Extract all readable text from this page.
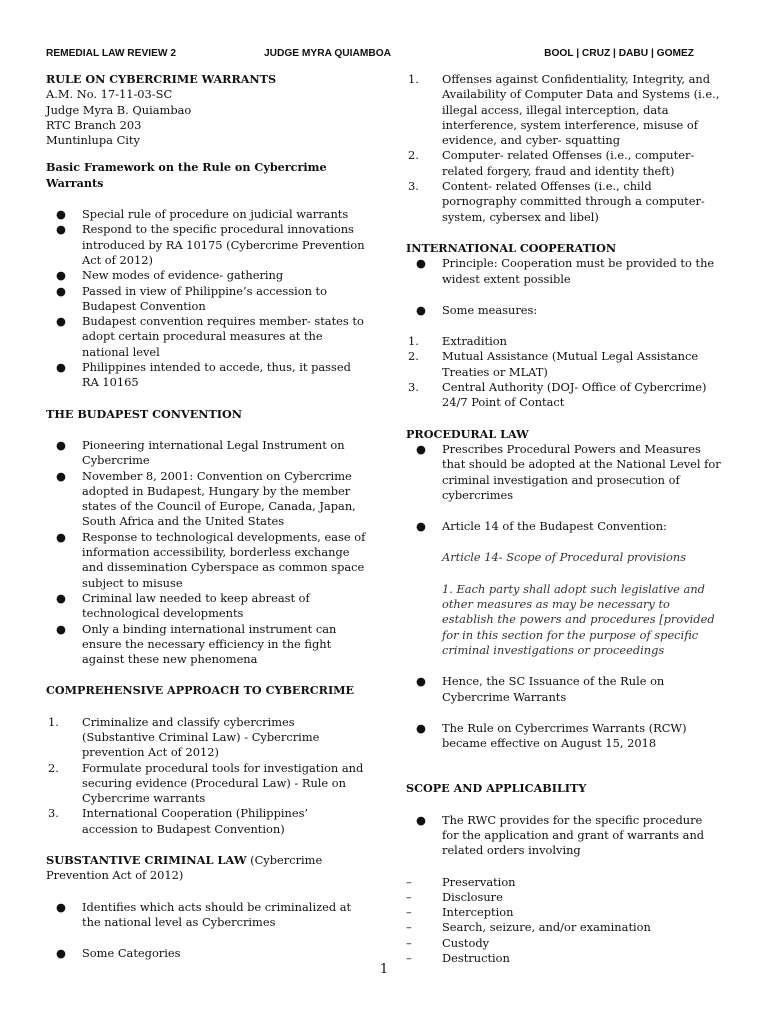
REMEDIAL LAW REVIEW 2	JUDGE MYRA QUIAMBOA	BOOL | CRUZ | DABU | GOMEZ

RULE ON CYBERCRIME WARRANTS

A.M. No. 17-11-03-SC

Judge Myra B. Quiambao

RTC Branch 203

Muntinlupa City

Basic Framework on the Rule on Cybercrime Warrants

● Special rule of procedure on judicial warrants
● Respond to the specific procedural innovations introduced by RA 10175 (Cybercrime Prevention Act of 2012)
● New modes of evidence- gathering
● Passed in view of Philippine’s accession to Budapest Convention
● Budapest convention requires member- states to adopt certain procedural measures at the national level
● Philippines intended to accede, thus, it passed RA 10165

THE BUDAPEST CONVENTION

● Pioneering international Legal Instrument on Cybercrime
● November 8, 2001: Convention on Cybercrime adopted in Budapest, Hungary by the member states of the Council of Europe, Canada, Japan, South Africa and the United States
● Response to technological developments, ease of information accessibility, borderless exchange and dissemination Cyberspace as common space subject to misuse
● Criminal law needed to keep abreast of technological developments
● Only a binding international instrument can ensure the necessary efficiency in the fight against these new phenomena

COMPREHENSIVE APPROACH TO CYBERCRIME

1. Criminalize and classify cybercrimes (Substantive Criminal Law) - Cybercrime prevention Act of 2012)
2. Formulate procedural tools for investigation and securing evidence (Procedural Law) - Rule on Cybercrime warrants
3. International Cooperation (Philippines’ accession to Budapest Convention)

SUBSTANTIVE CRIMINAL LAW (Cybercrime Prevention Act of 2012)

● Identifies which acts should be criminalized at the national level as Cybercrimes
● Some Categories
1. Offenses against Confidentiality, Integrity, and Availability of Computer Data and Systems (i.e., illegal access, illegal interception, data interference, system interference, misuse of evidence, and cyber- squatting
2. Computer- related Offenses (i.e., computer- related forgery, fraud and identity theft)
3. Content- related Offenses (i.e., child pornography committed through a computer- system, cybersex and libel)

INTERNATIONAL COOPERATION

● Principle: Cooperation must be provided to the widest extent possible
● Some measures:
1. Extradition
2. Mutual Assistance (Mutual Legal Assistance Treaties or MLAT)
3. Central Authority (DOJ- Office of Cybercrime) 24/7 Point of Contact

PROCEDURAL LAW

● Prescribes Procedural Powers and Measures that should be adopted at the National Level for criminal investigation and prosecution of cybercrimes
● Article 14 of the Budapest Convention:

Article 14- Scope of Procedural provisions

1. Each party shall adopt such legislative and other measures as may be necessary to establish the powers and procedures [provided for in this section for the purpose of specific criminal investigations or proceedings

● Hence, the SC Issuance of the Rule on Cybercrime Warrants
● The Rule on Cybercrimes Warrants (RCW) became effective on August 15, 2018

SCOPE AND APPLICABILITY

● The RWC provides for the specific procedure for the application and grant of warrants and related orders involving
–	Preservation
–	Disclosure
–	Interception
–	Search, seizure, and/or examination
–	Custody
–	Destruction
1
